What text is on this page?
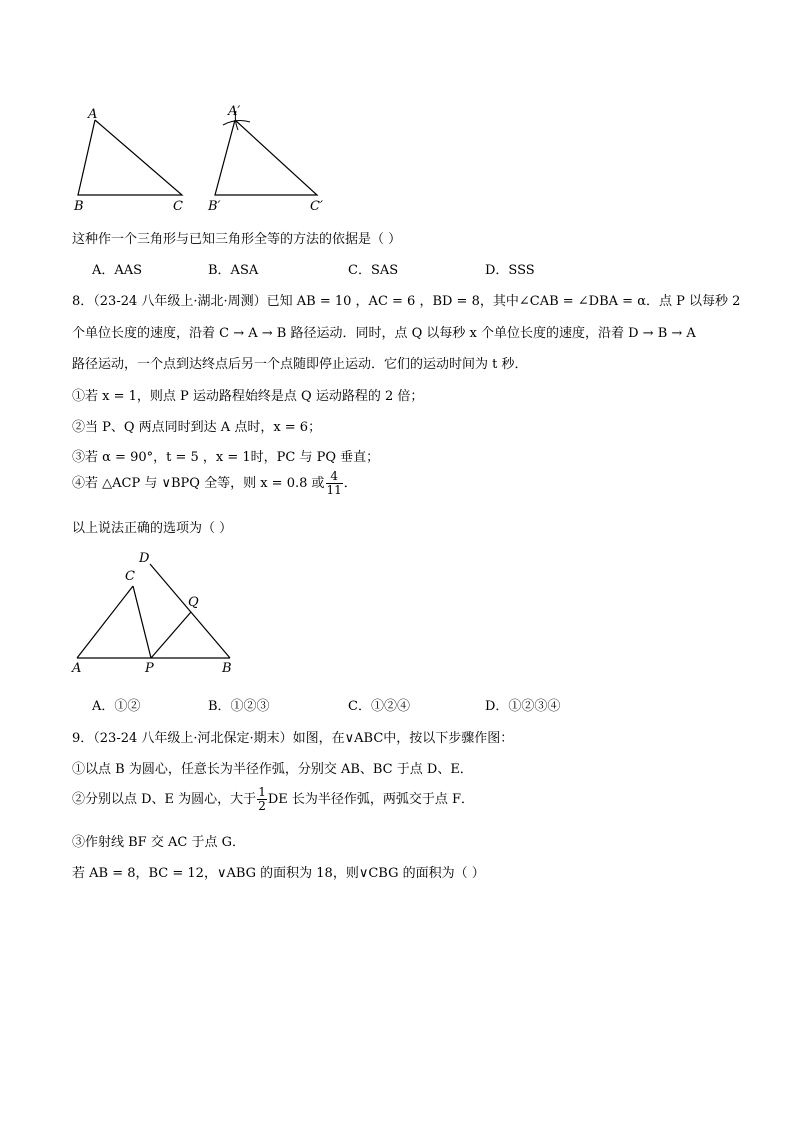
A
B	C
A′
B′	C′
这种作一个三角形与已知三角形全等的方法的依据是（ ）
A．AAS	B．ASA	C．SAS	D．SSS
8．（23-24 八年级上·湖北·周测）已知 AB = 10 ，AC = 6 ，BD = 8，其中∠CAB = ∠DBA = α．点 P 以每秒 2
个单位长度的速度，沿着 C → A → B 路径运动．同时，点 Q 以每秒 x 个单位长度的速度，沿着 D → B → A
路径运动，一个点到达终点后另一个点随即停止运动．它们的运动时间为 t 秒．
①若 x = 1，则点 P 运动路程始终是点 Q 运动路程的 2 倍；
②当 P、Q 两点同时到达 A 点时，x = 6；
③若 α = 90°，t = 5 ，x = 1时，PC 与 PQ 垂直；
④若 △ACP 与 ∨BPQ 全等，则 x = 0.8 或 $\frac{4}{11}$ ．
以上说法正确的选项为（ ）
D
C
Q
A	P	B
A．①②	B．①②③	C．①②④	D．①②③④
9．（23-24 八年级上·河北保定·期末）如图，在∨ABC中，按以下步骤作图：
①以点 B 为圆心，任意长为半径作弧，分别交 AB、BC 于点 D、E．
②分别以点 D、E 为圆心，大于 $\frac{1}{2}$ DE 长为半径作弧，两弧交于点 F．
③作射线 BF 交 AC 于点 G．
若 AB = 8，BC = 12，∨ABG 的面积为 18，则∨CBG 的面积为（ ）
